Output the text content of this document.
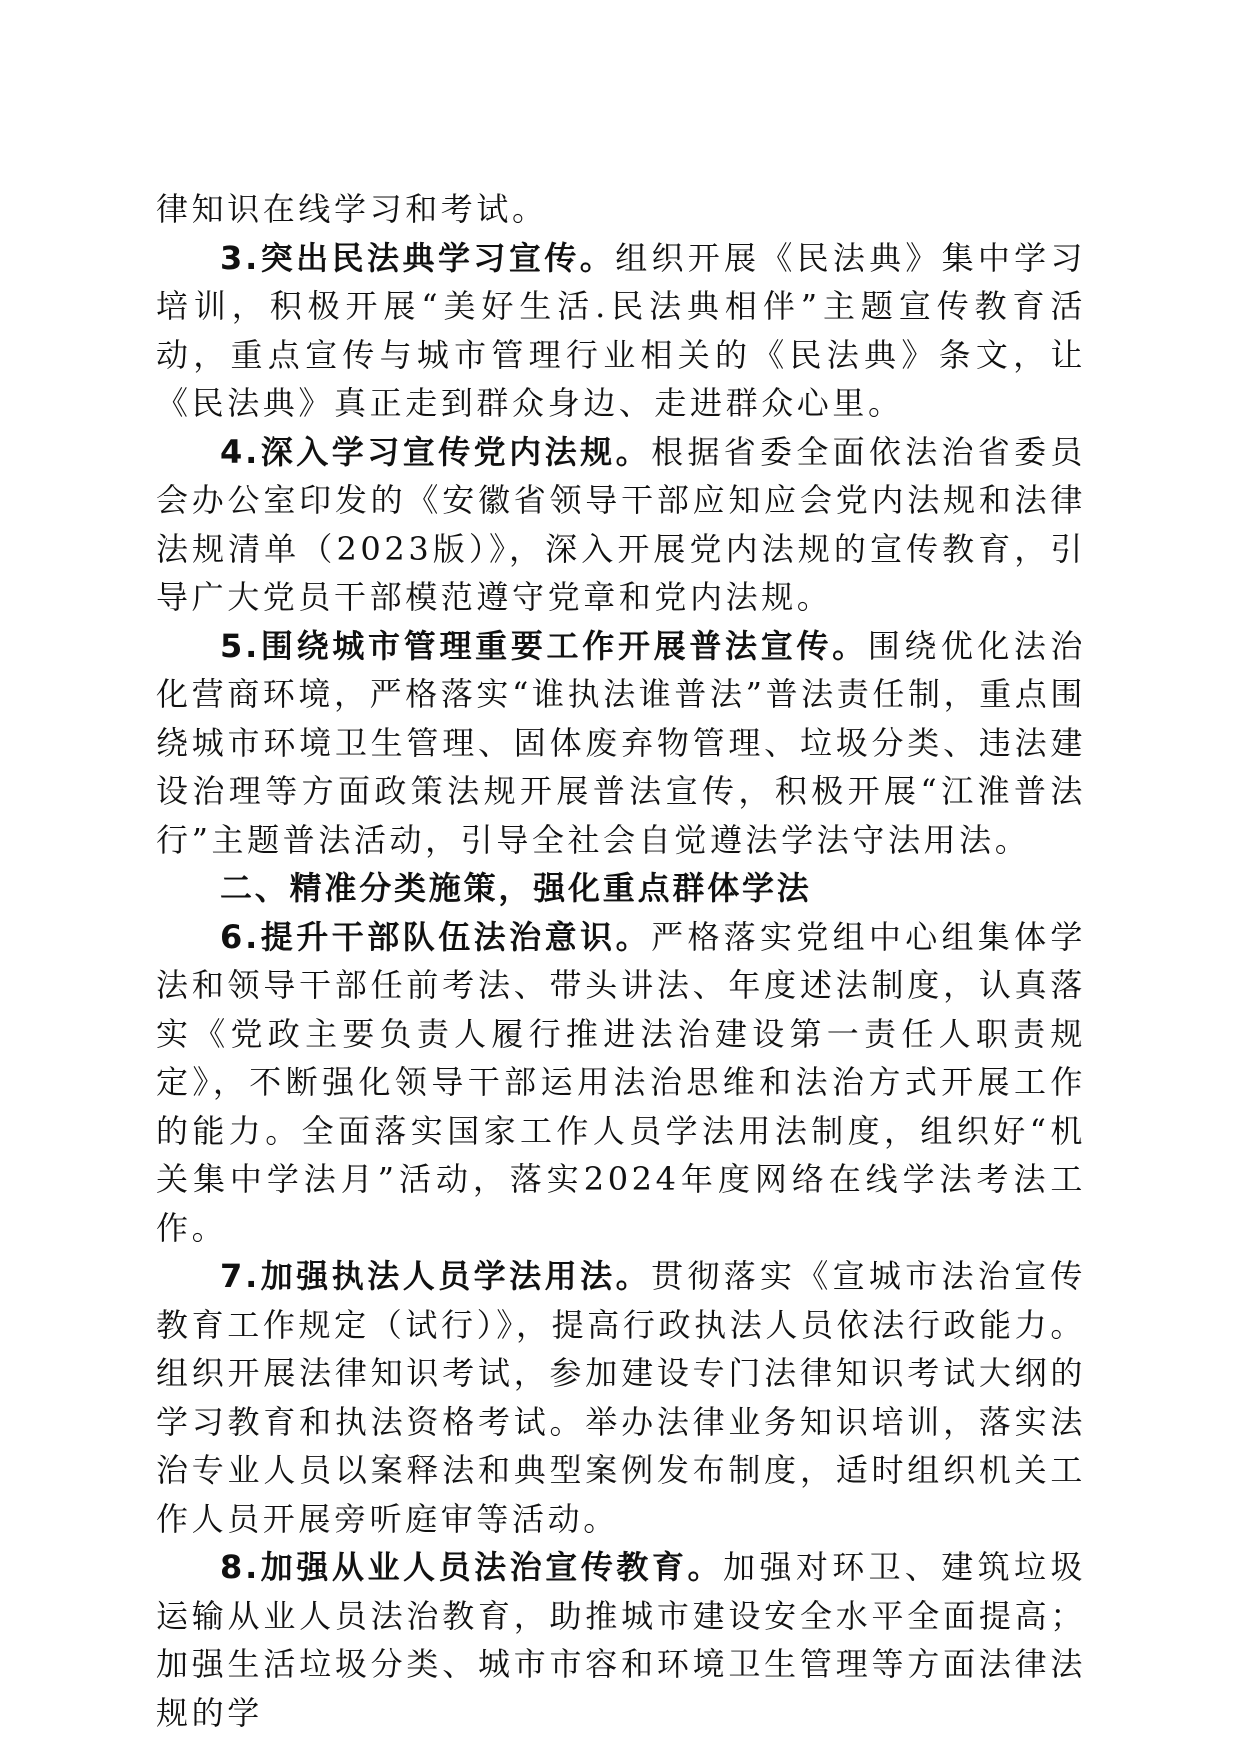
律知识在线学习和考试。

3.突出民法典学习宣传。组织开展《民法典》集中学习培训，积极开展“美好生活.民法典相伴”主题宣传教育活动，重点宣传与城市管理行业相关的《民法典》条文，让《民法典》真正走到群众身边、走进群众心里。

4.深入学习宣传党内法规。根据省委全面依法治省委员会办公室印发的《安徽省领导干部应知应会党内法规和法律法规清单（2023版）》，深入开展党内法规的宣传教育，引导广大党员干部模范遵守党章和党内法规。

5.围绕城市管理重要工作开展普法宣传。围绕优化法治化营商环境，严格落实“谁执法谁普法”普法责任制，重点围绕城市环境卫生管理、固体废弃物管理、垃圾分类、违法建设治理等方面政策法规开展普法宣传，积极开展“江淮普法行”主题普法活动，引导全社会自觉遵法学法守法用法。

二、精准分类施策，强化重点群体学法

6.提升干部队伍法治意识。严格落实党组中心组集体学法和领导干部任前考法、带头讲法、年度述法制度，认真落实《党政主要负责人履行推进法治建设第一责任人职责规定》，不断强化领导干部运用法治思维和法治方式开展工作的能力。全面落实国家工作人员学法用法制度，组织好“机关集中学法月”活动，落实2024年度网络在线学法考法工作。

7.加强执法人员学法用法。贯彻落实《宣城市法治宣传教育工作规定（试行）》，提高行政执法人员依法行政能力。组织开展法律知识考试，参加建设专门法律知识考试大纲的学习教育和执法资格考试。举办法律业务知识培训，落实法治专业人员以案释法和典型案例发布制度，适时组织机关工作人员开展旁听庭审等活动。

8.加强从业人员法治宣传教育。加强对环卫、建筑垃圾运输从业人员法治教育，助推城市建设安全水平全面提高；加强生活垃圾分类、城市市容和环境卫生管理等方面法律法规的学
